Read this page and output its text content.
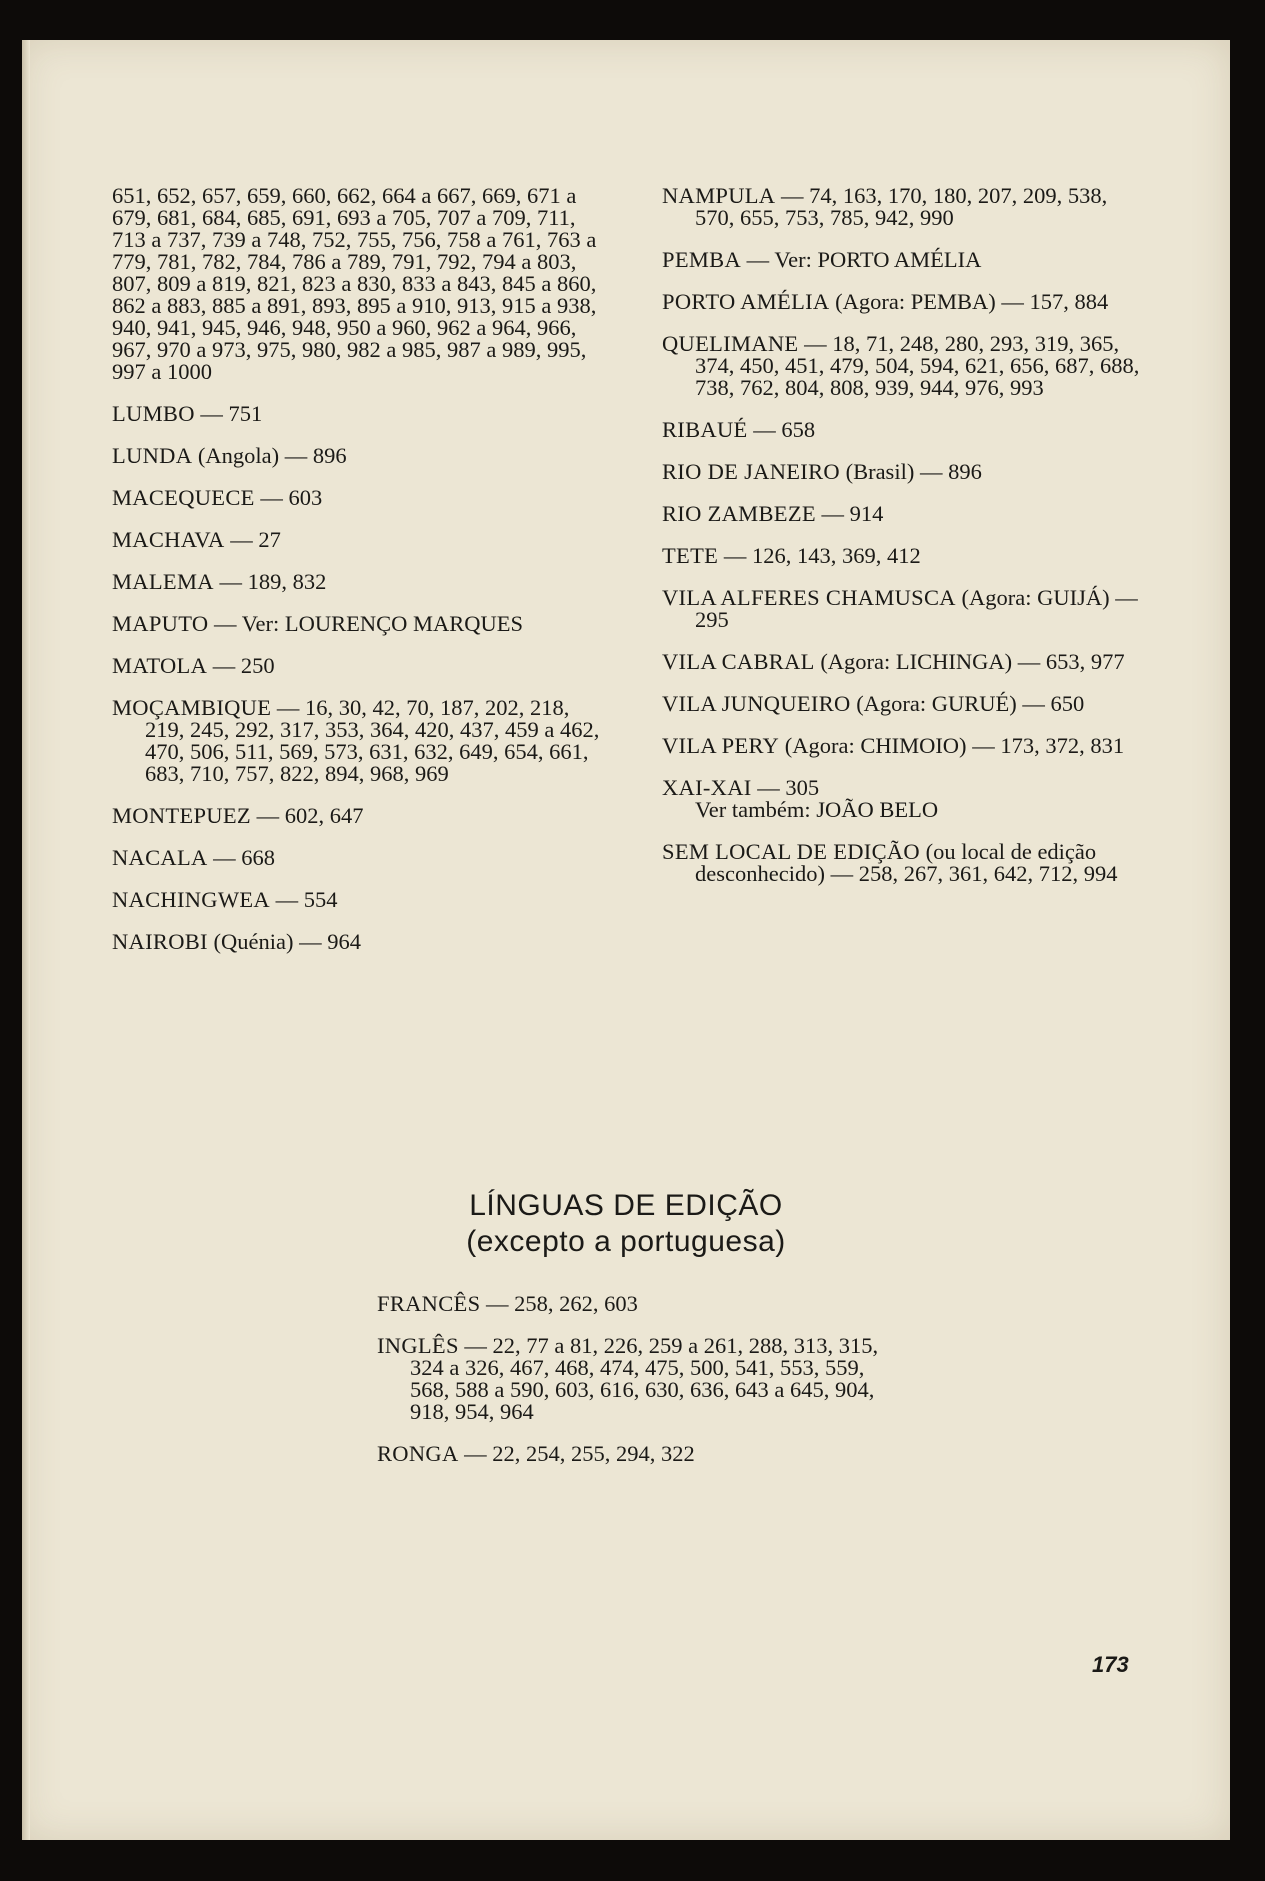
651, 652, 657, 659, 660, 662, 664 a 667, 669, 671 a 679, 681, 684, 685, 691, 693 a 705, 707 a 709, 711, 713 a 737, 739 a 748, 752, 755, 756, 758 a 761, 763 a 779, 781, 782, 784, 786 a 789, 791, 792, 794 a 803, 807, 809 a 819, 821, 823 a 830, 833 a 843, 845 a 860, 862 a 883, 885 a 891, 893, 895 a 910, 913, 915 a 938, 940, 941, 945, 946, 948, 950 a 960, 962 a 964, 966, 967, 970 a 973, 975, 980, 982 a 985, 987 a 989, 995, 997 a 1000
LUMBO — 751
LUNDA (Angola) — 896
MACEQUECE — 603
MACHAVA — 27
MALEMA — 189, 832
MAPUTO — Ver: LOURENÇO MARQUES
MATOLA — 250
MOÇAMBIQUE — 16, 30, 42, 70, 187, 202, 218, 219, 245, 292, 317, 353, 364, 420, 437, 459 a 462, 470, 506, 511, 569, 573, 631, 632, 649, 654, 661, 683, 710, 757, 822, 894, 968, 969
MONTEPUEZ — 602, 647
NACALA — 668
NACHINGWEA — 554
NAIROBI (Quénia) — 964
NAMPULA — 74, 163, 170, 180, 207, 209, 538, 570, 655, 753, 785, 942, 990
PEMBA — Ver: PORTO AMÉLIA
PORTO AMÉLIA (Agora: PEMBA) — 157, 884
QUELIMANE — 18, 71, 248, 280, 293, 319, 365, 374, 450, 451, 479, 504, 594, 621, 656, 687, 688, 738, 762, 804, 808, 939, 944, 976, 993
RIBAUÉ — 658
RIO DE JANEIRO (Brasil) — 896
RIO ZAMBEZE — 914
TETE — 126, 143, 369, 412
VILA ALFERES CHAMUSCA (Agora: GUIJÁ) — 295
VILA CABRAL (Agora: LICHINGA) — 653, 977
VILA JUNQUEIRO (Agora: GURUÉ) — 650
VILA PERY (Agora: CHIMOIO) — 173, 372, 831
XAI-XAI — 305
Ver também: JOÃO BELO
SEM LOCAL DE EDIÇÃO (ou local de edição desconhecido) — 258, 267, 361, 642, 712, 994
LÍNGUAS DE EDIÇÃO
(excepto a portuguesa)
FRANCÊS — 258, 262, 603
INGLÊS — 22, 77 a 81, 226, 259 a 261, 288, 313, 315, 324 a 326, 467, 468, 474, 475, 500, 541, 553, 559, 568, 588 a 590, 603, 616, 630, 636, 643 a 645, 904, 918, 954, 964
RONGA — 22, 254, 255, 294, 322
173
